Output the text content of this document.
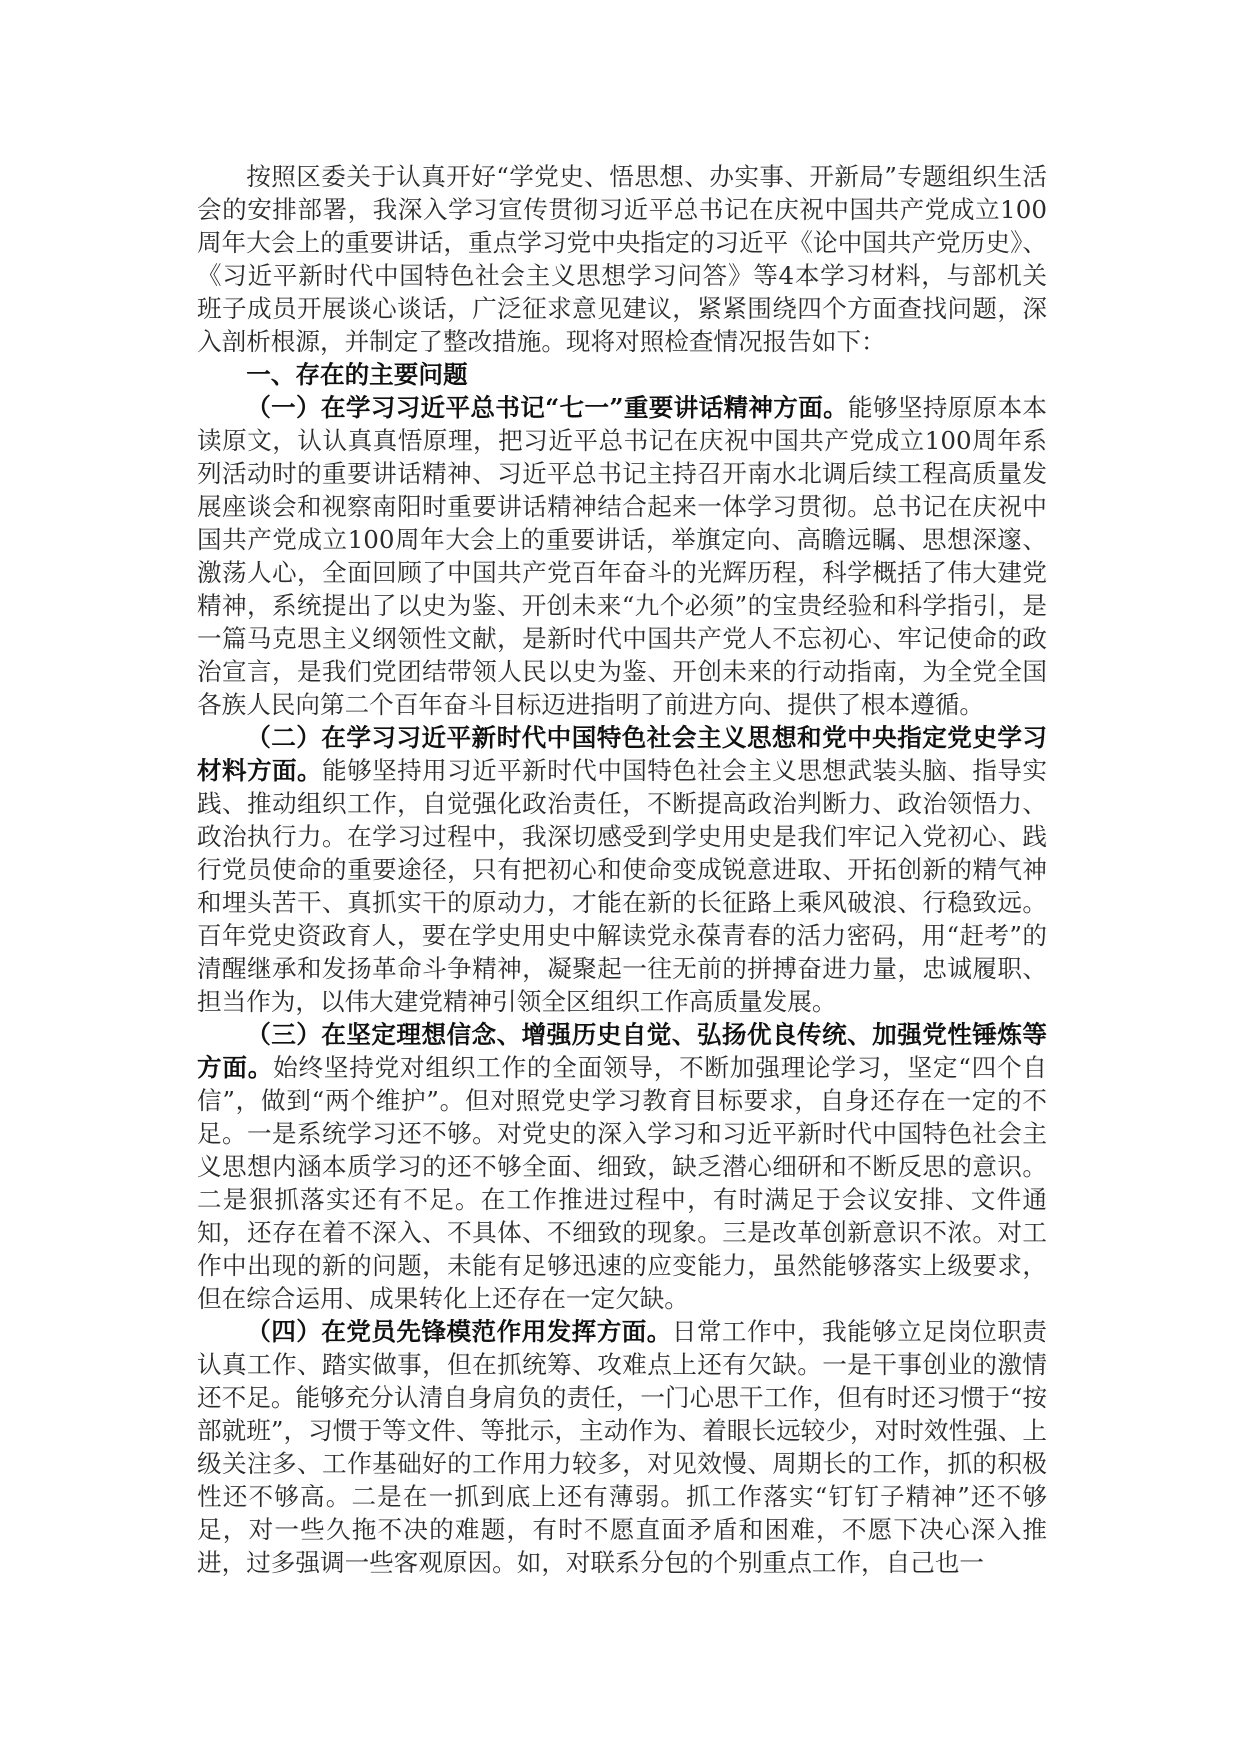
按照区委关于认真开好“学党史、悟思想、办实事、开新局”专题组织生活会的安排部署，我深入学习宣传贯彻习近平总书记在庆祝中国共产党成立100周年大会上的重要讲话，重点学习党中央指定的习近平《论中国共产党历史》、《习近平新时代中国特色社会主义思想学习问答》等4本学习材料，与部机关班子成员开展谈心谈话，广泛征求意见建议，紧紧围绕四个方面查找问题，深入剖析根源，并制定了整改措施。现将对照检查情况报告如下：

一、存在的主要问题

（一）在学习习近平总书记“七一”重要讲话精神方面。能够坚持原原本本读原文，认认真真悟原理，把习近平总书记在庆祝中国共产党成立100周年系列活动时的重要讲话精神、习近平总书记主持召开南水北调后续工程高质量发展座谈会和视察南阳时重要讲话精神结合起来一体学习贯彻。总书记在庆祝中国共产党成立100周年大会上的重要讲话，举旗定向、高瞻远瞩、思想深邃、激荡人心，全面回顾了中国共产党百年奋斗的光辉历程，科学概括了伟大建党精神，系统提出了以史为鉴、开创未来“九个必须”的宝贵经验和科学指引，是一篇马克思主义纲领性文献，是新时代中国共产党人不忘初心、牢记使命的政治宣言，是我们党团结带领人民以史为鉴、开创未来的行动指南，为全党全国各族人民向第二个百年奋斗目标迈进指明了前进方向、提供了根本遵循。

（二）在学习习近平新时代中国特色社会主义思想和党中央指定党史学习材料方面。能够坚持用习近平新时代中国特色社会主义思想武装头脑、指导实践、推动组织工作，自觉强化政治责任，不断提高政治判断力、政治领悟力、政治执行力。在学习过程中，我深切感受到学史用史是我们牢记入党初心、践行党员使命的重要途径，只有把初心和使命变成锐意进取、开拓创新的精气神和埋头苦干、真抓实干的原动力，才能在新的长征路上乘风破浪、行稳致远。百年党史资政育人，要在学史用史中解读党永葆青春的活力密码，用“赶考”的清醒继承和发扬革命斗争精神，凝聚起一往无前的拼搏奋进力量，忠诚履职、担当作为，以伟大建党精神引领全区组织工作高质量发展。

（三）在坚定理想信念、增强历史自觉、弘扬优良传统、加强党性锤炼等方面。始终坚持党对组织工作的全面领导，不断加强理论学习，坚定“四个自信”，做到“两个维护”。但对照党史学习教育目标要求，自身还存在一定的不足。一是系统学习还不够。对党史的深入学习和习近平新时代中国特色社会主义思想内涵本质学习的还不够全面、细致，缺乏潜心细研和不断反思的意识。二是狠抓落实还有不足。在工作推进过程中，有时满足于会议安排、文件通知，还存在着不深入、不具体、不细致的现象。三是改革创新意识不浓。对工作中出现的新的问题，未能有足够迅速的应变能力，虽然能够落实上级要求，但在综合运用、成果转化上还存在一定欠缺。

（四）在党员先锋模范作用发挥方面。日常工作中，我能够立足岗位职责认真工作、踏实做事，但在抓统筹、攻难点上还有欠缺。一是干事创业的激情还不足。能够充分认清自身肩负的责任，一门心思干工作，但有时还习惯于“按部就班”，习惯于等文件、等批示，主动作为、着眼长远较少，对时效性强、上级关注多、工作基础好的工作用力较多，对见效慢、周期长的工作，抓的积极性还不够高。二是在一抓到底上还有薄弱。抓工作落实“钉钉子精神”还不够足，对一些久拖不决的难题，有时不愿直面矛盾和困难，不愿下决心深入推进，过多强调一些客观原因。如，对联系分包的个别重点工作，自己也一
